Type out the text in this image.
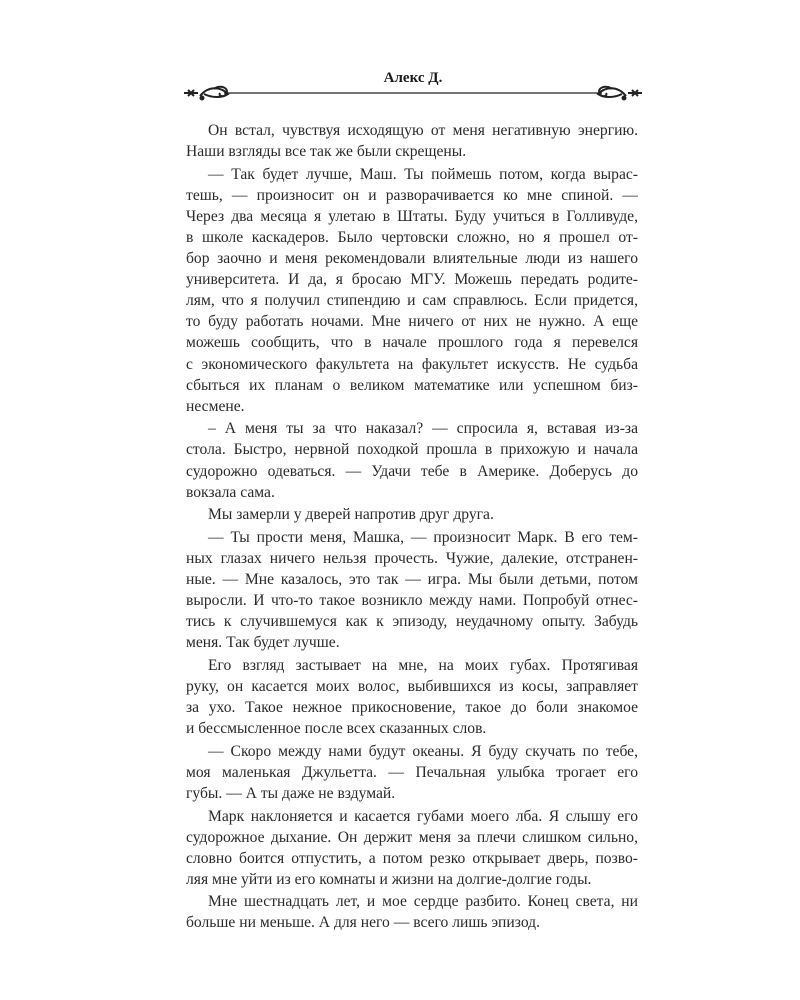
Алекс Д.
Он встал, чувствуя исходящую от меня негативную энергию.
Наши взгляды все так же были скрещены.
— Так будет лучше, Маш. Ты поймешь потом, когда вырас-
тешь, — произносит он и разворачивается ко мне спиной. —
Через два месяца я улетаю в Штаты. Буду учиться в Голливуде,
в школе каскадеров. Было чертовски сложно, но я прошел от-
бор заочно и меня рекомендовали влиятельные люди из нашего
университета. И да, я бросаю МГУ. Можешь передать родите-
лям, что я получил стипендию и сам справлюсь. Если придется,
то буду работать ночами. Мне ничего от них не нужно. А еще
можешь сообщить, что в начале прошлого года я перевелся
с экономического факультета на факультет искусств. Не судьба
сбыться их планам о великом математике или успешном биз-
несмене.
– А меня ты за что наказал? — спросила я, вставая из-за
стола. Быстро, нервной походкой прошла в прихожую и начала
судорожно одеваться. — Удачи тебе в Америке. Доберусь до
вокзала сама.
Мы замерли у дверей напротив друг друга.
— Ты прости меня, Машка, — произносит Марк. В его тем-
ных глазах ничего нельзя прочесть. Чужие, далекие, отстранен-
ные. — Мне казалось, это так — игра. Мы были детьми, потом
выросли. И что-то такое возникло между нами. Попробуй отнес-
тись к случившемуся как к эпизоду, неудачному опыту. Забудь
меня. Так будет лучше.
Его взгляд застывает на мне, на моих губах. Протягивая
руку, он касается моих волос, выбившихся из косы, заправляет
за ухо. Такое нежное прикосновение, такое до боли знакомое
и бессмысленное после всех сказанных слов.
— Скоро между нами будут океаны. Я буду скучать по тебе,
моя маленькая Джульетта. — Печальная улыбка трогает его
губы. — А ты даже не вздумай.
Марк наклоняется и касается губами моего лба. Я слышу его
судорожное дыхание. Он держит меня за плечи слишком сильно,
словно боится отпустить, а потом резко открывает дверь, позво-
ляя мне уйти из его комнаты и жизни на долгие-долгие годы.
Мне шестнадцать лет, и мое сердце разбито. Конец света, ни
больше ни меньше. А для него — всего лишь эпизод.
